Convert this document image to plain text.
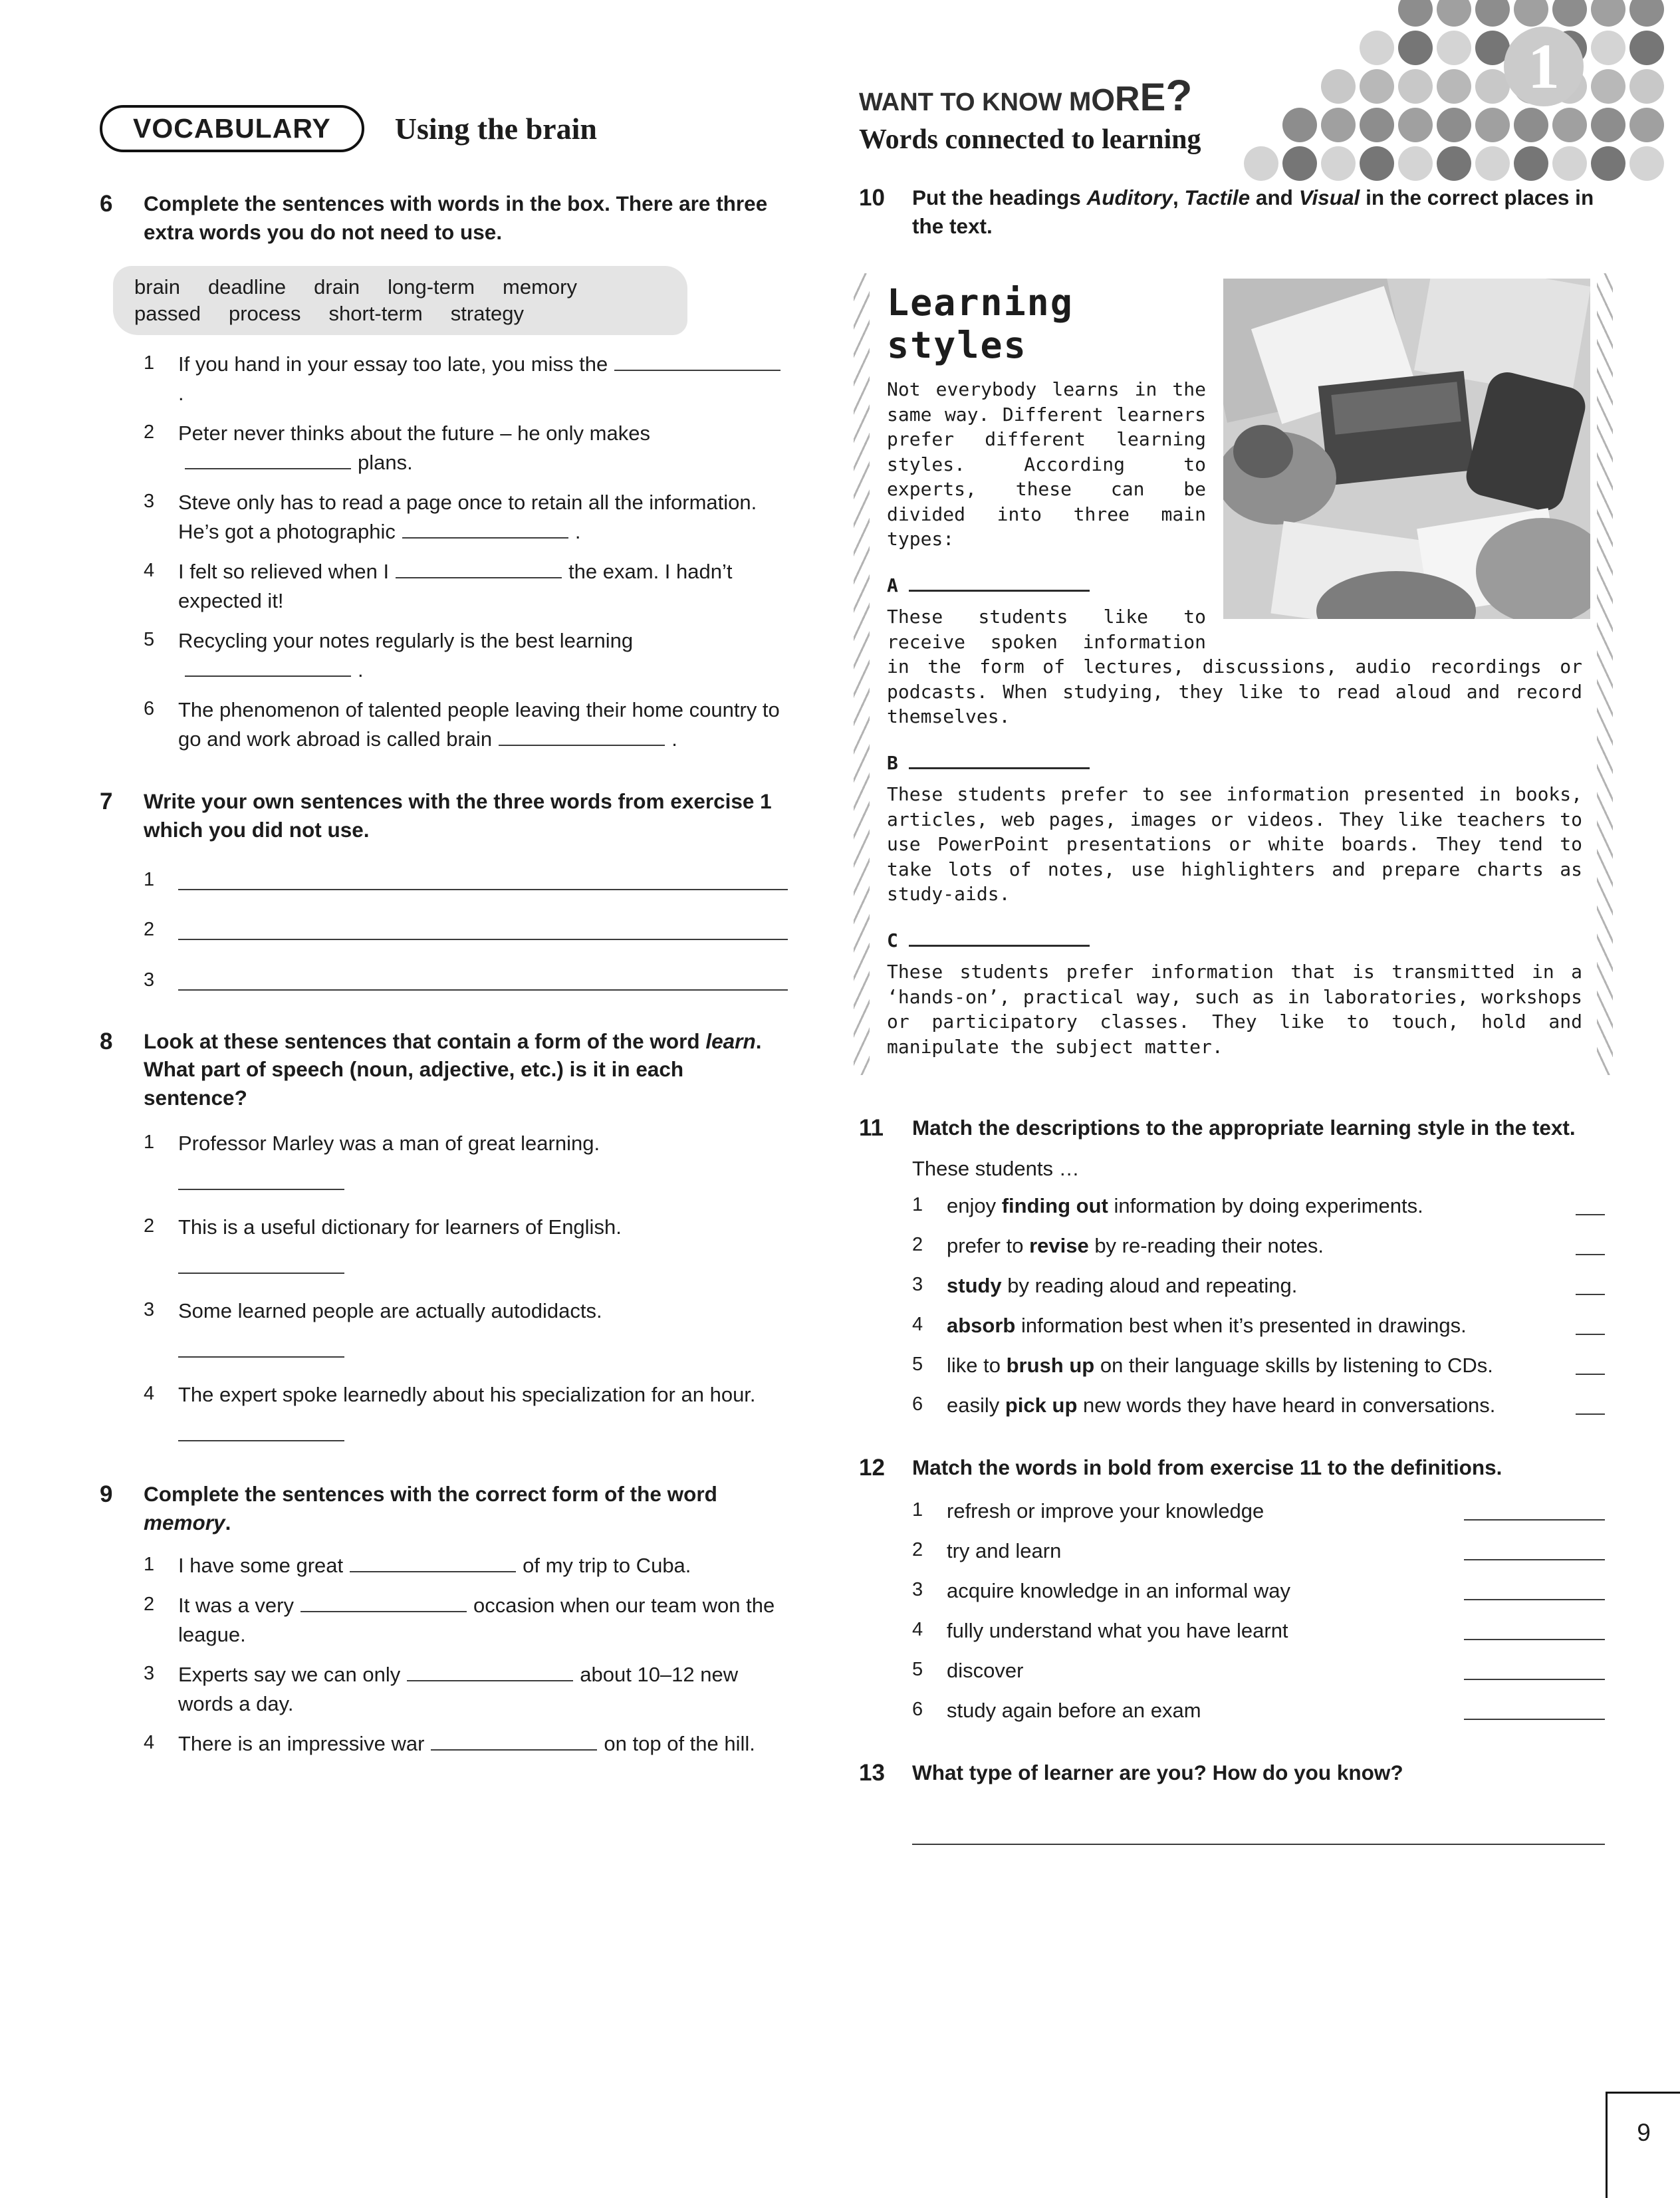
1
VOCABULARY	Using the brain
6	Complete the sentences with words in the box. There are three extra words you do not need to use.
brain deadline drain long-term memory
passed process short-term strategy
1	If you hand in your essay too late, you miss the.
2	Peter never thinks about the future – he only makesplans.
3	Steve only has to read a page once to retain all the information. He’s got a photographic	.
4	I felt so relieved when I	the exam. I hadn’t expected it!
5	Recycling your notes regularly is the best learning.
6	The phenomenon of talented people leaving their home country to go and work abroad is called brain	.
7	Write your own sentences with the three words from exercise 1 which you did not use.
1
2
3
8	Look at these sentences that contain a form of the word learn. What part of speech (noun, adjective, etc.) is it in each sentence?
1	Professor Marley was a man of great learning.
2	This is a useful dictionary for learners of English.
3	Some learned people are actually autodidacts.
4	The expert spoke learnedly about his specialization for an hour.
9	Complete the sentences with the correct form of the word memory.
1	I have some great	of my trip to Cuba.
2	It was a very	occasion when our team won the league.
3	Experts say we can only	about 10–12 new words a day.
4	There is an impressive war	on top of the hill.
WANT TO KNOW MORE?
Words connected to learning
10	Put the headings Auditory, Tactile and Visual in the correct places in the text.
Learning styles

Not everybody learns in the same way. Different learners prefer different learning styles. According to experts, these can be divided into three main types:

A

These students like to receive spoken information in the form of lectures, discussions, audio recordings or podcasts. When studying, they like to read aloud and record themselves.

B

These students prefer to see information presented in books, articles, web pages, images or videos. They like teachers to use PowerPoint presentations or white boards. They tend to take lots of notes, use highlighters and prepare charts as study-aids.

C

These students prefer information that is transmitted in a ‘hands-on’, practical way, such as in laboratories, workshops or participatory classes. They like to touch, hold and manipulate the subject matter.

11	Match the descriptions to the appropriate learning style in the text.
These students …
1	enjoy finding out information by doing experiments.
2	prefer to revise by re-reading their notes.
3	study by reading aloud and repeating.
4	absorb information best when it’s presented in drawings.
5	like to brush up on their language skills by listening to CDs.
6	easily pick up new words they have heard in conversations.
12	Match the words in bold from exercise 11 to the definitions.
1	refresh or improve your knowledge
2	try and learn
3	acquire knowledge in an informal way
4	fully understand what you have learnt
5	discover
6	study again before an exam
13	What type of learner are you? How do you know?
9
